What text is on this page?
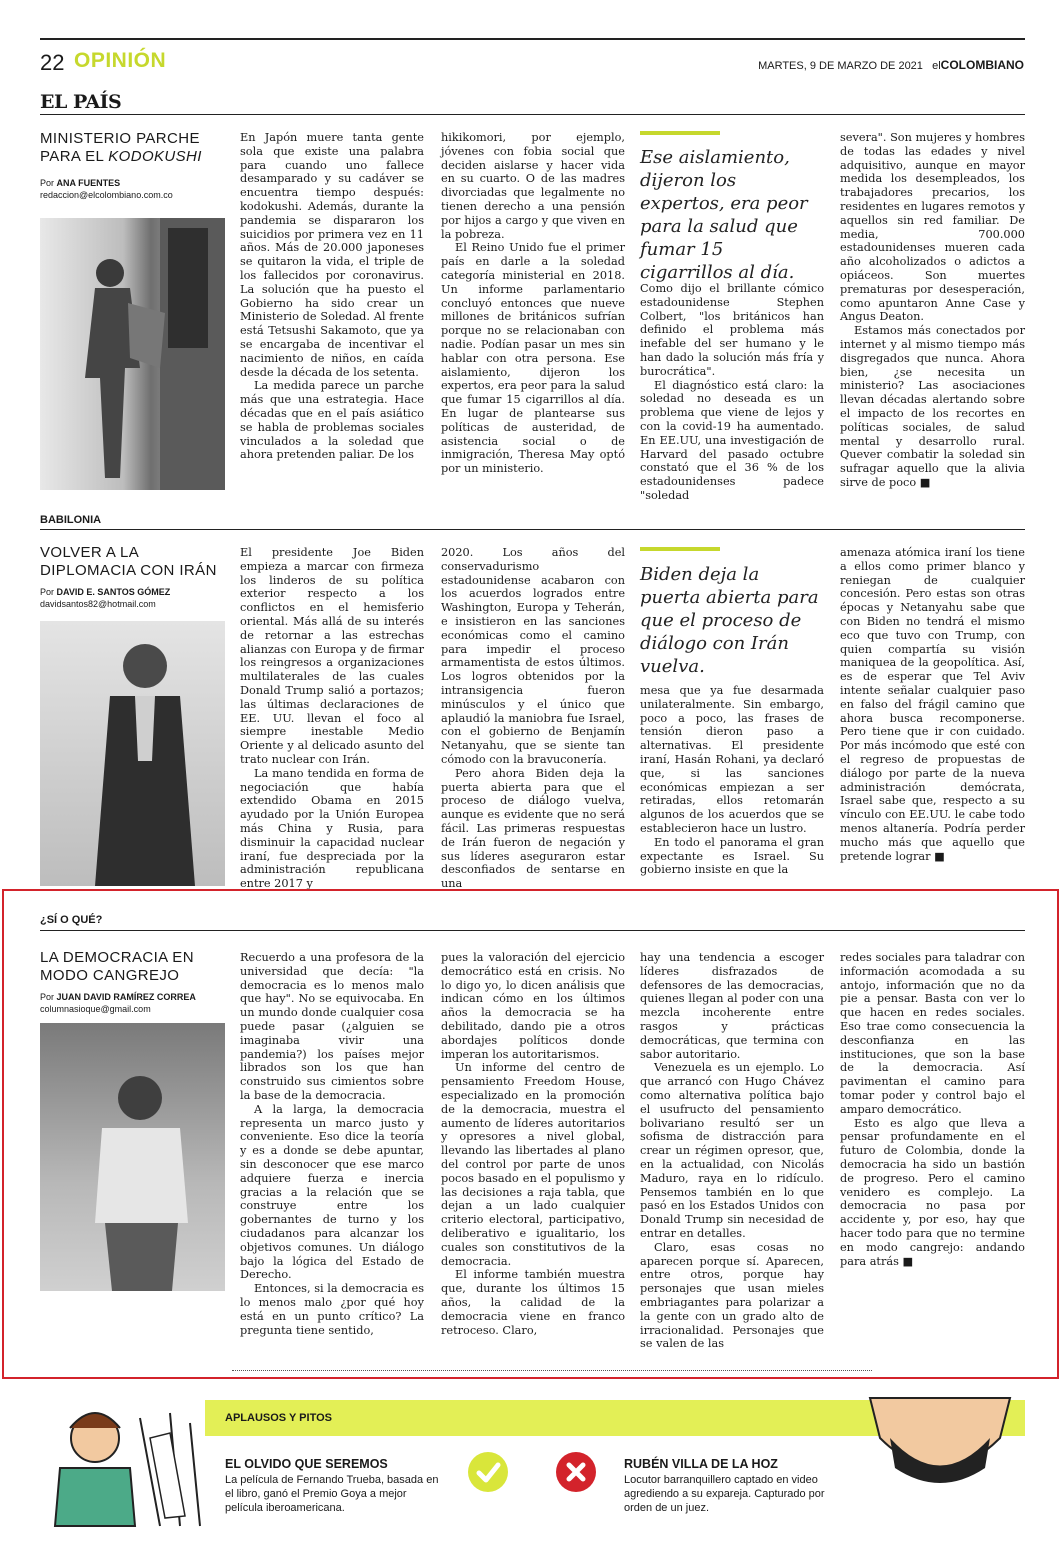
22 OPINIÓN	MARTES, 9 DE MARZO DE 2021 elCOLOMBIANO
EL PAÍS
MINISTERIO PARCHE
PARA EL KODOKUSHI
Por ANA FUENTES
redaccion@elcolombiano.com.co

En Japón muere tanta gente sola que existe una palabra para cuando uno fallece desamparado y su cadáver se encuentra tiempo después: kodokushi. Además, durante la pandemia se dispararon los suicidios por primera vez en 11 años. Más de 20.000 japoneses se quitaron la vida, el triple de los fallecidos por coronavirus. La solución que ha puesto el Gobierno ha sido crear un Ministerio de Soledad. Al frente está Tetsushi Sakamoto, que ya se encargaba de incentivar el nacimiento de niños, en caída desde la década de los setenta.

La medida parece un parche más que una estrategia. Hace décadas que en el país asiático se habla de problemas sociales vinculados a la soledad que ahora pretenden paliar. De los

hikikomori, por ejemplo, jóvenes con fobia social que deciden aislarse y hacer vida en su cuarto. O de las madres divorciadas que legalmente no tienen derecho a una pensión por hijos a cargo y que viven en la pobreza.

El Reino Unido fue el primer país en darle a la soledad categoría ministerial en 2018. Un informe parlamentario concluyó entonces que nueve millones de británicos sufrían porque no se relacionaban con nadie. Podían pasar un mes sin hablar con otra persona. Ese aislamiento, dijeron los expertos, era peor para la salud que fumar 15 cigarrillos al día. En lugar de plantearse sus políticas de austeridad, de asistencia social o de inmigración, Theresa May optó por un ministerio.

Ese aislamiento, dijeron los expertos, era peor para la salud que fumar 15 cigarrillos al día.

Como dijo el brillante cómico estadounidense Stephen Colbert, "los británicos han definido el problema más inefable del ser humano y le han dado la solución más fría y burocrática".

El diagnóstico está claro: la soledad no deseada es un problema que viene de lejos y con la covid-19 ha aumentado. En EE.UU, una investigación de Harvard del pasado octubre constató que el 36 % de los estadounidenses padece "soledad

severa". Son mujeres y hombres de todas las edades y nivel adquisitivo, aunque en mayor medida los desempleados, los trabajadores precarios, los residentes en lugares remotos y aquellos sin red familiar. De media, 700.000 estadounidenses mueren cada año alcoholizados o adictos a opiáceos. Son muertes prematuras por desesperación, como apuntaron Anne Case y Angus Deaton.

Estamos más conectados por internet y al mismo tiempo más disgregados que nunca. Ahora bien, ¿se necesita un ministerio? Las asociaciones llevan décadas alertando sobre el impacto de los recortes en políticas sociales, de salud mental y desarrollo rural. Quever combatir la soledad sin sufragar aquello que la alivia sirve de poco ■

BABILONIA
VOLVER A LA
DIPLOMACIA CON IRÁN
Por DAVID E. SANTOS GÓMEZ
davidsantos82@hotmail.com

El presidente Joe Biden empieza a marcar con firmeza los linderos de su política exterior respecto a los conflictos en el hemisferio oriental. Más allá de su interés de retornar a las estrechas alianzas con Europa y de firmar los reingresos a organizaciones multilaterales de las cuales Donald Trump salió a portazos; las últimas declaraciones de EE. UU. llevan el foco al siempre inestable Medio Oriente y al delicado asunto del trato nuclear con Irán.

La mano tendida en forma de negociación que había extendido Obama en 2015 ayudado por la Unión Europea más China y Rusia, para disminuir la capacidad nuclear iraní, fue despreciada por la administración republicana entre 2017 y

2020. Los años del conservadurismo estadounidense acabaron con los acuerdos logrados entre Washington, Europa y Teherán, e insistieron en las sanciones económicas como el camino para impedir el proceso armamentista de estos últimos. Los logros obtenidos por la intransigencia fueron minúsculos y el único que aplaudió la maniobra fue Israel, con el gobierno de Benjamín Netanyahu, que se siente tan cómodo con la bravuconería.

Pero ahora Biden deja la puerta abierta para que el proceso de diálogo vuelva, aunque es evidente que no será fácil. Las primeras respuestas de Irán fueron de negación y sus líderes aseguraron estar desconfiados de sentarse en una

Biden deja la puerta abierta para que el proceso de diálogo con Irán vuelva.

mesa que ya fue desarmada unilateralmente. Sin embargo, poco a poco, las frases de tensión dieron paso a alternativas. El presidente iraní, Hasán Rohani, ya declaró que, si las sanciones económicas empiezan a ser retiradas, ellos retomarán algunos de los acuerdos que se establecieron hace un lustro.

En todo el panorama el gran expectante es Israel. Su gobierno insiste en que la

amenaza atómica iraní los tiene a ellos como primer blanco y reniegan de cualquier concesión. Pero estas son otras épocas y Netanyahu sabe que con Biden no tendrá el mismo eco que tuvo con Trump, con quien compartía su visión maniquea de la geopolítica. Así, es de esperar que Tel Aviv intente señalar cualquier paso en falso del frágil camino que ahora busca recomponerse. Pero tiene que ir con cuidado. Por más incómodo que esté con el regreso de propuestas de diálogo por parte de la nueva administración demócrata, Israel sabe que, respecto a su vínculo con EE.UU. le cabe todo menos altanería. Podría perder mucho más que aquello que pretende lograr ■

¿SÍ O QUÉ?
LA DEMOCRACIA EN
MODO CANGREJO
Por JUAN DAVID RAMÍREZ CORREA
columnasioque@gmail.com

Recuerdo a una profesora de la universidad que decía: "la democracia es lo menos malo que hay". No se equivocaba. En un mundo donde cualquier cosa puede pasar (¿alguien se imaginaba vivir una pandemia?) los países mejor librados son los que han construido sus cimientos sobre la base de la democracia.

A la larga, la democracia representa un marco justo y conveniente. Eso dice la teoría y es a donde se debe apuntar, sin desconocer que ese marco adquiere fuerza e inercia gracias a la relación que se construye entre los gobernantes de turno y los ciudadanos para alcanzar los objetivos comunes. Un diálogo bajo la lógica del Estado de Derecho.

Entonces, si la democracia es lo menos malo ¿por qué hoy está en un punto crítico? La pregunta tiene sentido,

pues la valoración del ejercicio democrático está en crisis. No lo digo yo, lo dicen análisis que indican cómo en los últimos años la democracia se ha debilitado, dando pie a otros abordajes políticos donde imperan los autoritarismos.

Un informe del centro de pensamiento Freedom House, especializado en la promoción de la democracia, muestra el aumento de líderes autoritarios y opresores a nivel global, llevando las libertades al plano del control por parte de unos pocos basado en el populismo y las decisiones a raja tabla, que dejan a un lado cualquier criterio electoral, participativo, deliberativo e igualitario, los cuales son constitutivos de la democracia.

El informe también muestra que, durante los últimos 15 años, la calidad de la democracia viene en franco retroceso. Claro,

hay una tendencia a escoger líderes disfrazados de defensores de las democracias, quienes llegan al poder con una mezcla incoherente entre rasgos y prácticas democráticas, que termina con sabor autoritario.

Venezuela es un ejemplo. Lo que arrancó con Hugo Chávez como alternativa política bajo el usufructo del pensamiento bolivariano resultó ser un sofisma de distracción para crear un régimen opresor, que, en la actualidad, con Nicolás Maduro, raya en lo ridículo. Pensemos también en lo que pasó en los Estados Unidos con Donald Trump sin necesidad de entrar en detalles.

Claro, esas cosas no aparecen porque sí. Aparecen, entre otros, porque hay personajes que usan mieles embriagantes para polarizar a la gente con un grado alto de irracionalidad. Personajes que se valen de las

redes sociales para taladrar con información acomodada a su antojo, información que no da pie a pensar. Basta con ver lo que hacen en redes sociales. Eso trae como consecuencia la desconfianza en las instituciones, que son la base de la democracia. Así pavimentan el camino para tomar poder y control bajo el amparo democrático.

Esto es algo que lleva a pensar profundamente en el futuro de Colombia, donde la democracia ha sido un bastión de progreso. Pero el camino venidero es complejo. La democracia no pasa por accidente y, por eso, hay que hacer todo para que no termine en modo cangrejo: andando para atrás ■

APLAUSOS Y PITOS
EL OLVIDO QUE SEREMOS
La película de Fernando Trueba, basada en el libro, ganó el Premio Goya a mejor película iberoamericana.
RUBÉN VILLA DE LA HOZ
Locutor barranquillero captado en video agrediendo a su expareja. Capturado por orden de un juez.
